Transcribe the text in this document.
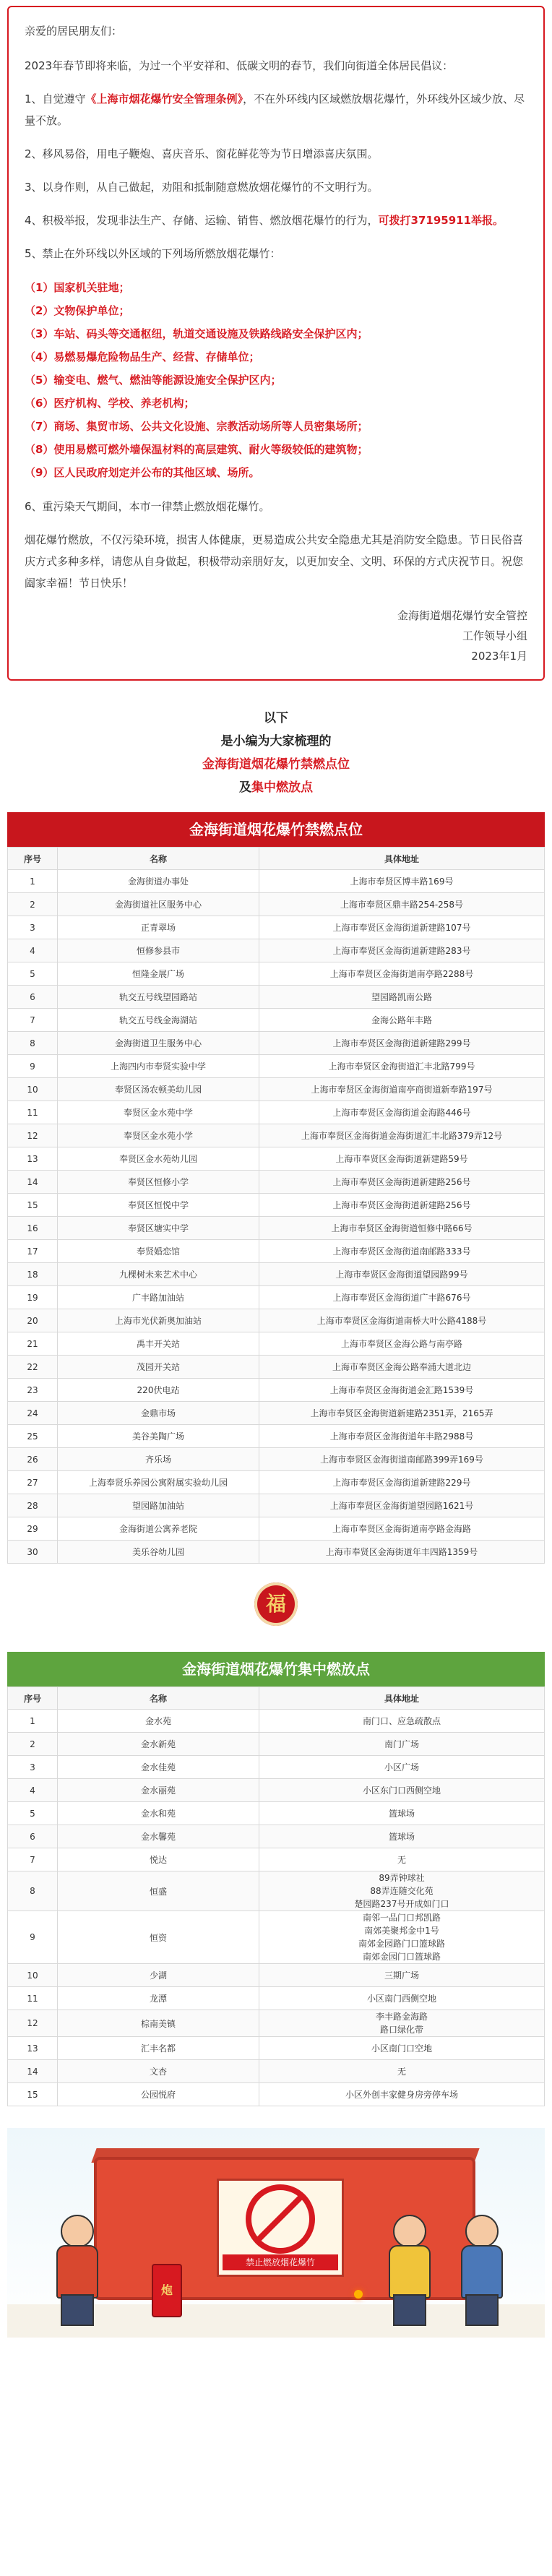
亲爱的居民朋友们：

2023年春节即将来临，为过一个平安祥和、低碳文明的春节，我们向街道全体居民倡议：

1、自觉遵守《上海市烟花爆竹安全管理条例》，不在外环线内区域燃放烟花爆竹，外环线外区域少放、尽量不放。

2、移风易俗，用电子鞭炮、喜庆音乐、窗花鲜花等为节日增添喜庆氛围。

3、以身作则，从自己做起，劝阻和抵制随意燃放烟花爆竹的不文明行为。

4、积极举报，发现非法生产、存储、运输、销售、燃放烟花爆竹的行为，可拨打37195911举报。

5、禁止在外环线以外区域的下列场所燃放烟花爆竹：

（1）国家机关驻地；
（2）文物保护单位；
（3）车站、码头等交通枢纽，轨道交通设施及铁路线路安全保护区内；
（4）易燃易爆危险物品生产、经营、存储单位；
（5）输变电、燃气、燃油等能源设施安全保护区内；
（6）医疗机构、学校、养老机构；
（7）商场、集贸市场、公共文化设施、宗教活动场所等人员密集场所；
（8）使用易燃可燃外墙保温材料的高层建筑、耐火等级较低的建筑物；
（9）区人民政府划定并公布的其他区域、场所。

6、重污染天气期间，本市一律禁止燃放烟花爆竹。

烟花爆竹燃放，不仅污染环境，损害人体健康，更易造成公共安全隐患尤其是消防安全隐患。节日民俗喜庆方式多种多样，请您从自身做起，积极带动亲朋好友，以更加安全、文明、环保的方式庆祝节日。祝您阖家幸福！节日快乐！

金海街道烟花爆竹安全管控
工作领导小组
2023年1月
以下
是小编为大家梳理的
金海街道烟花爆竹禁燃点位
及集中燃放点
金海街道烟花爆竹禁燃点位
序号	名称	具体地址
1	金海街道办事处	上海市奉贤区博丰路169号
2	金海街道社区服务中心	上海市奉贤区鼎丰路254-258号
3	正青翠场	上海市奉贤区金海街道新建路107号
4	恒修参县市	上海市奉贤区金海街道新建路283号
5	恒隆金展广场	上海市奉贤区金海街道南亭路2288号
6	轨交五号线望园路站	望园路凯南公路
7	轨交五号线金海湖站	金海公路年丰路
8	金海街道卫生服务中心	上海市奉贤区金海街道新建路299号
9	上海四内市奉贤实验中学	上海市奉贤区金海街道汇丰北路799号
10	奉贤区汤农顿美幼儿园	上海市奉贤区金海街道南亭商街道新奉路197号
11	奉贤区金水苑中学	上海市奉贤区金海街道金海路446号
12	奉贤区金水苑小学	上海市奉贤区金海街道金海街道汇丰北路379弄12号
13	奉贤区金水苑幼儿园	上海市奉贤区金海街道新建路59号
14	奉贤区恒修小学	上海市奉贤区金海街道新建路256号
15	奉贤区恒悦中学	上海市奉贤区金海街道新建路256号
16	奉贤区塘实中学	上海市奉贤区金海街道恒修中路66号
17	奉贤婚恋馆	上海市奉贤区金海街道南邮路333号
18	九棵树未来艺术中心	上海市奉贤区金海街道望园路99号
19	广丰路加油站	上海市奉贤区金海街道广丰路676号
20	上海市光伏新奥加油站	上海市奉贤区金海街道南桥大叶公路4188号
21	禹丰开关站	上海市奉贤区金海公路与南亭路
22	茂园开关站	上海市奉贤区金海公路奉浦大道北边
23	220伏电站	上海市奉贤区金海街道金汇路1539号
24	金鼎市场	上海市奉贤区金海街道新建路2351弄，2165弄
25	美谷美陶广场	上海市奉贤区金海街道年丰路2988号
26	齐乐场	上海市奉贤区金海街道南邮路399弄169号
27	上海奉贤乐养园公寓附属实验幼儿园	上海市奉贤区金海街道新建路229号
28	望园路加油站	上海市奉贤区金海街道望园路1621号
29	金海街道公寓养老院	上海市奉贤区金海街道南亭路金海路
30	美乐谷幼儿园	上海市奉贤区金海街道年丰四路1359号
福
金海街道烟花爆竹集中燃放点
序号	名称	具体地址
1	金水苑	南门口、应急疏散点
2	金水新苑	南门广场
3	金水佳苑	小区广场
4	金水丽苑	小区东门口西侧空地
5	金水和苑	篮球场
6	金水馨苑	篮球场
7	悦达	无
8	恒盛	89弄钟球社
88弄连随交化苑
楚园路237号开成如门口
9	恒资	南邻一品门口邦凯路
南郊美聚邦金中1号
南郊金园路门口篮球路
南郊金园门口篮球路
10	少湖	三期广场
11	龙潭	小区南门西侧空地
12	棕南美镇	李丰路金海路
路口绿化带
13	汇丰名都	小区南门口空地
14	文杏	无
15	公园悦府	小区外创丰家健身房旁停车场
禁止燃放烟花爆竹
炮
